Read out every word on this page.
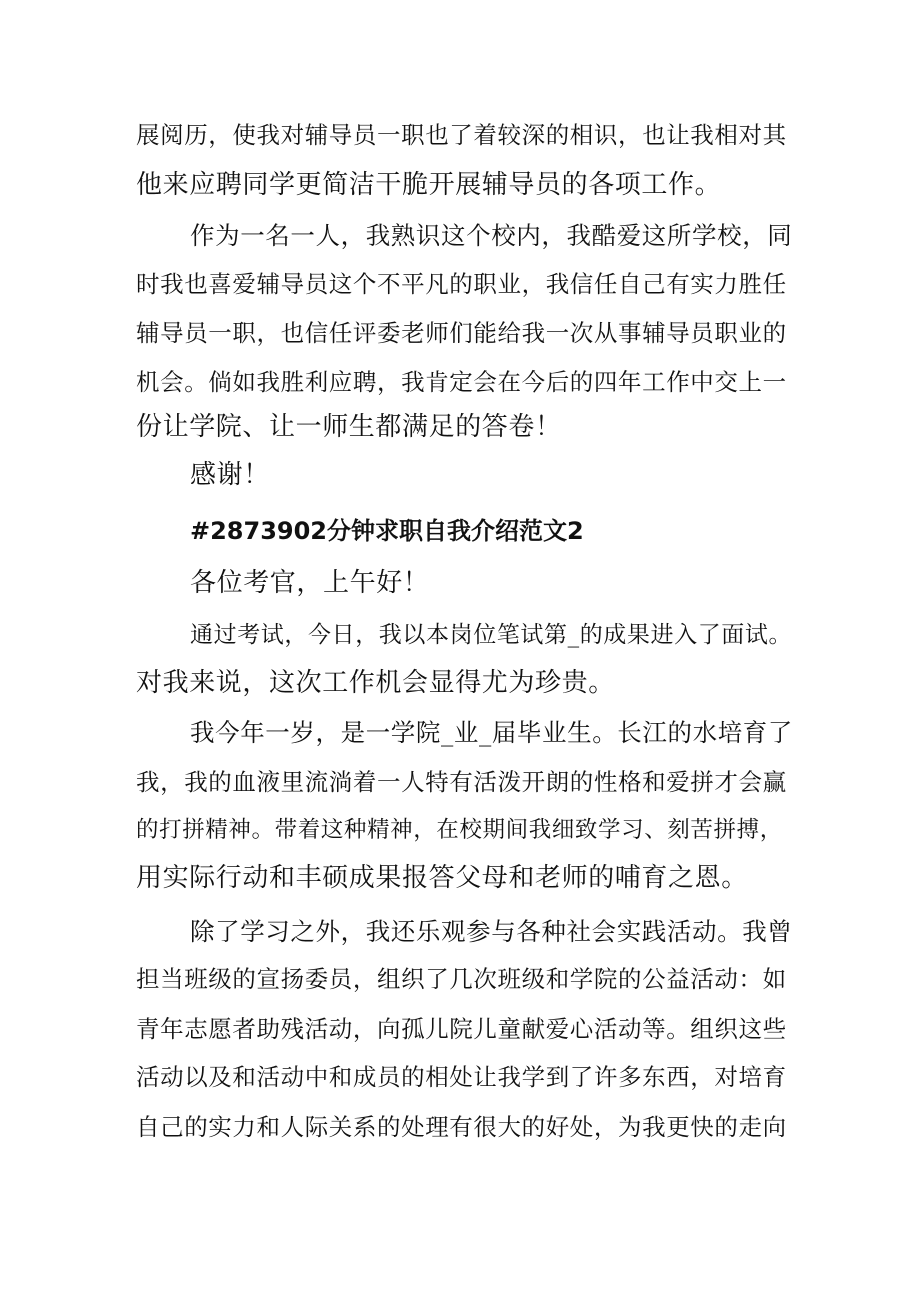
展阅历，使我对辅导员一职也了着较深的相识，也让我相对其
他来应聘同学更简洁干脆开展辅导员的各项工作。
作为一名一人，我熟识这个校内，我酷爱这所学校，同
时我也喜爱辅导员这个不平凡的职业，我信任自己有实力胜任
辅导员一职，也信任评委老师们能给我一次从事辅导员职业的
机会。倘如我胜利应聘，我肯定会在今后的四年工作中交上一
份让学院、让一师生都满足的答卷！
感谢！
#2873902分钟求职自我介绍范文2
各位考官，上午好！
通过考试，今日，我以本岗位笔试第_的成果进入了面试。
对我来说，这次工作机会显得尤为珍贵。
我今年一岁，是一学院_业_届毕业生。长江的水培育了
我，我的血液里流淌着一人特有活泼开朗的性格和爱拼才会赢
的打拼精神。带着这种精神，在校期间我细致学习、刻苦拼搏，
用实际行动和丰硕成果报答父母和老师的哺育之恩。
除了学习之外，我还乐观参与各种社会实践活动。我曾
担当班级的宣扬委员，组织了几次班级和学院的公益活动：如
青年志愿者助残活动，向孤儿院儿童献爱心活动等。组织这些
活动以及和活动中和成员的相处让我学到了许多东西，对培育
自己的实力和人际关系的处理有很大的好处，为我更快的走向
